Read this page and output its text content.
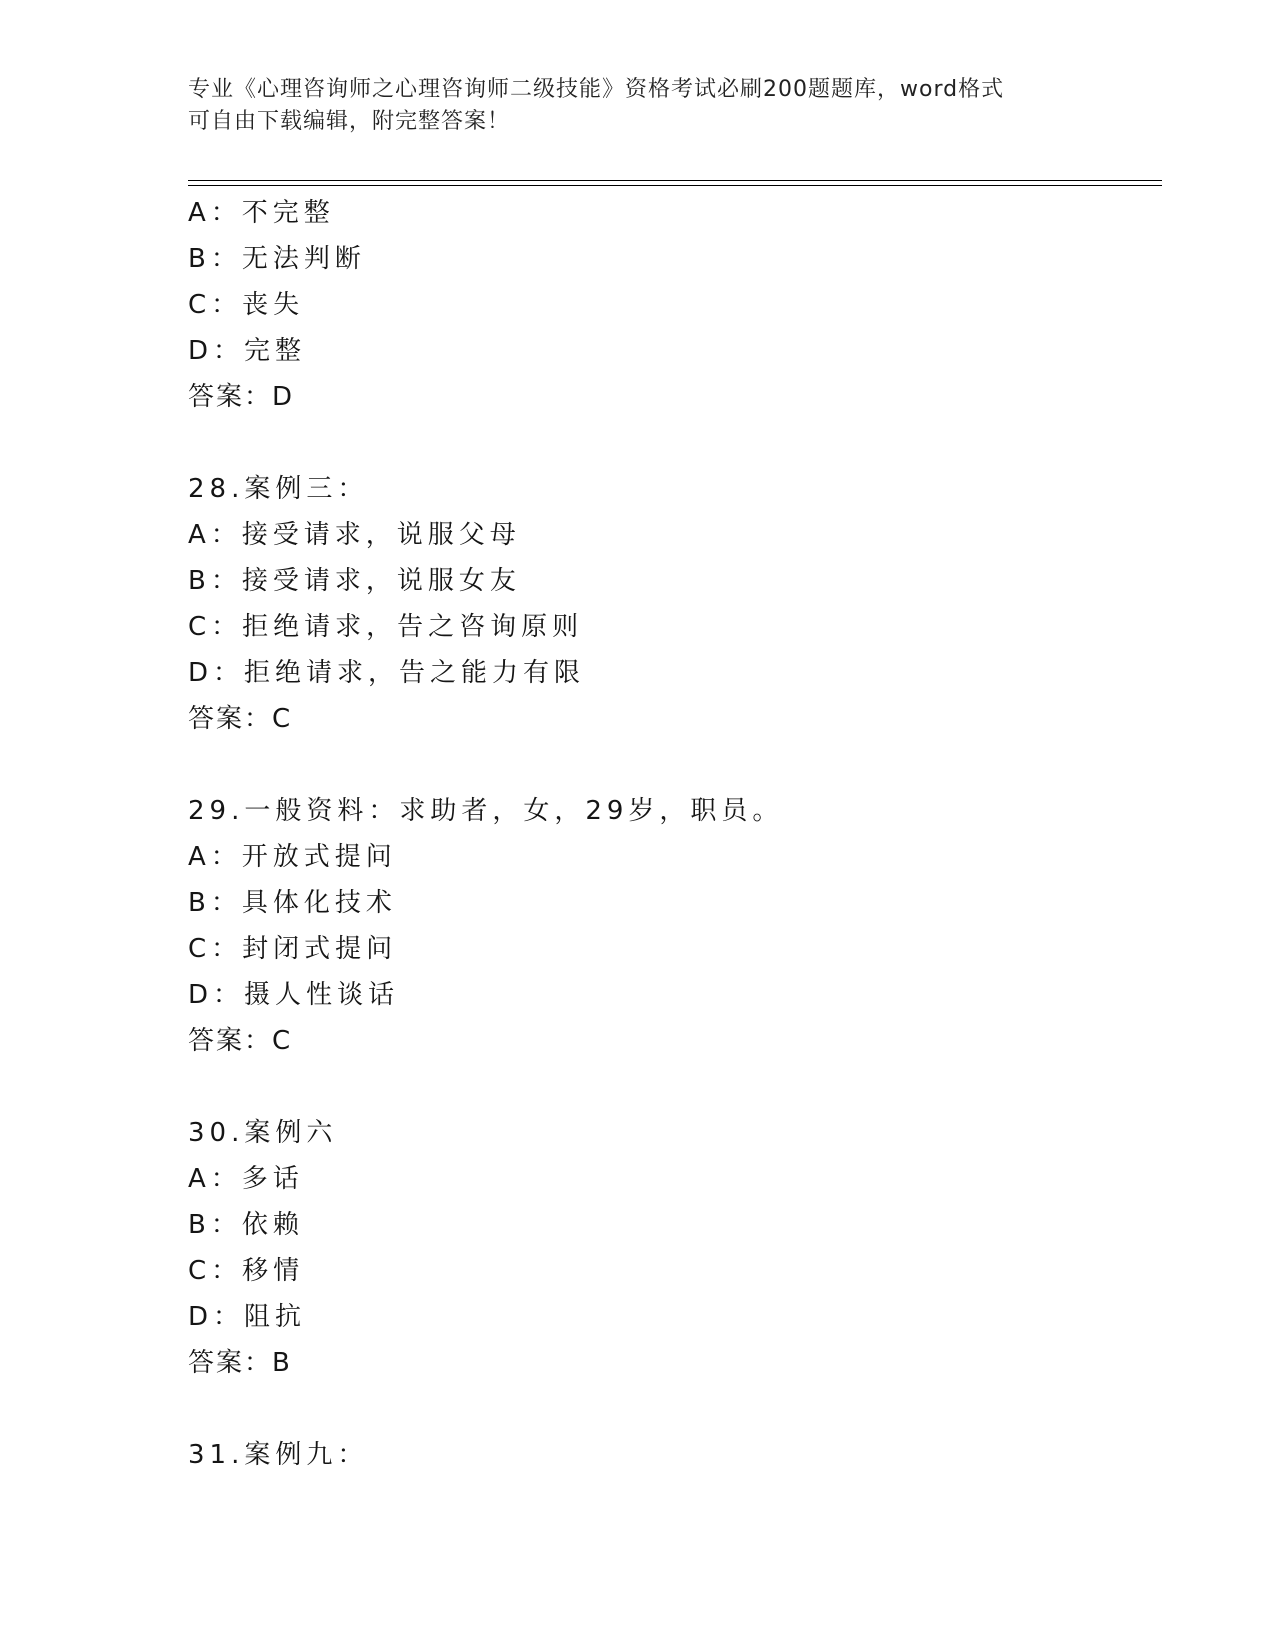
专业《心理咨询师之心理咨询师二级技能》资格考试必刷200题题库，word格式
可自由下载编辑，附完整答案！
A：不完整
B：无法判断
C：丧失
D：完整
答案：D
28.案例三：
A：接受请求，说服父母
B：接受请求，说服女友
C：拒绝请求，告之咨询原则
D：拒绝请求，告之能力有限
答案：C
29.一般资料：求助者，女，29岁，职员。
A：开放式提问
B：具体化技术
C：封闭式提问
D：摄人性谈话
答案：C
30.案例六
A：多话
B：依赖
C：移情
D：阻抗
答案：B
31.案例九：
